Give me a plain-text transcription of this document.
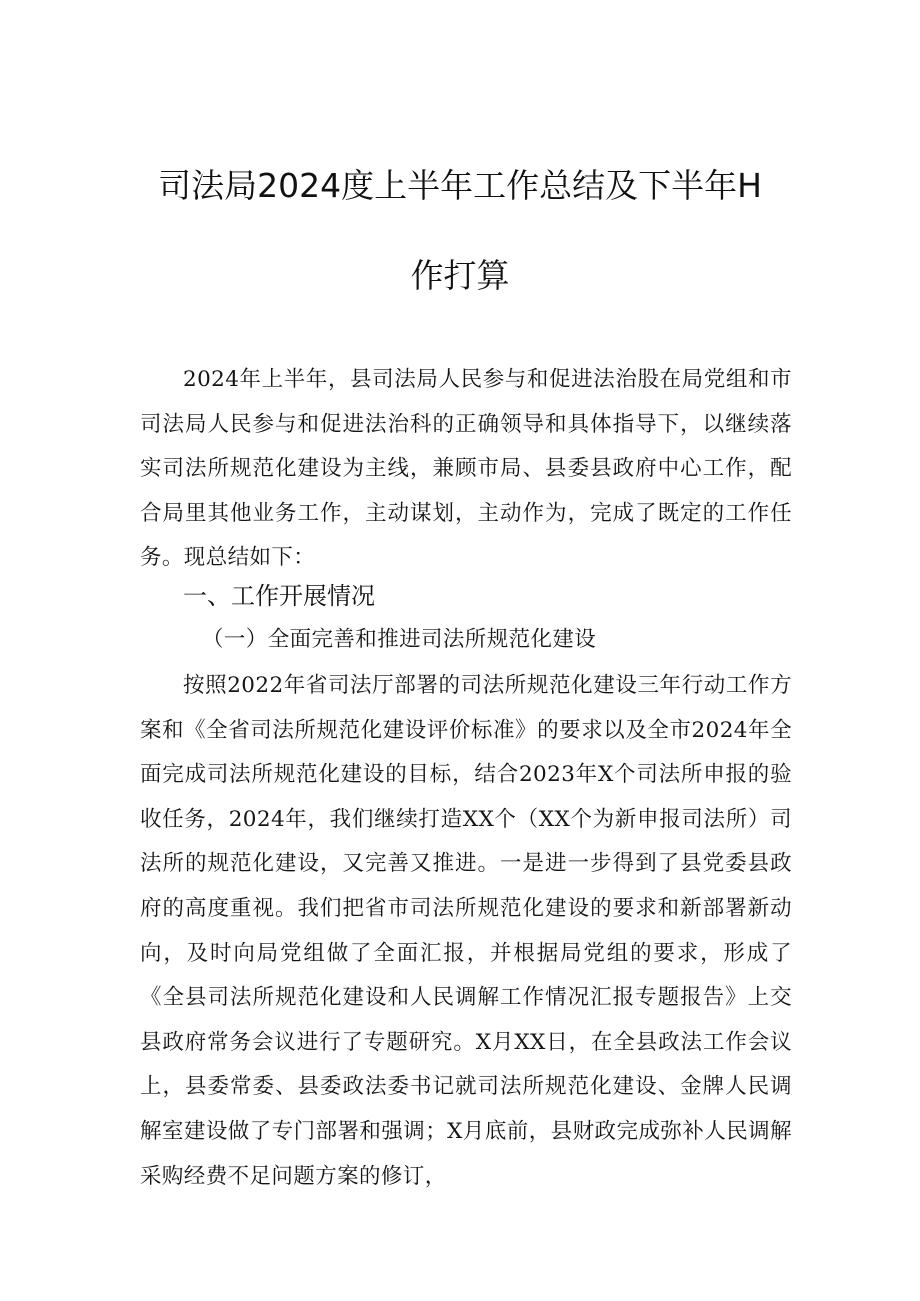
司法局2024度上半年工作总结及下半年H
作打算

2024年上半年，县司法局人民参与和促进法治股在局党组和市司法局人民参与和促进法治科的正确领导和具体指导下，以继续落实司法所规范化建设为主线，兼顾市局、县委县政府中心工作，配合局里其他业务工作，主动谋划，主动作为，完成了既定的工作任务。现总结如下：

一、工作开展情况
（一）全面完善和推进司法所规范化建设

按照2022年省司法厅部署的司法所规范化建设三年行动工作方案和《全省司法所规范化建设评价标准》的要求以及全市2024年全面完成司法所规范化建设的目标，结合2023年X个司法所申报的验收任务，2024年，我们继续打造XX个（XX个为新申报司法所）司法所的规范化建设，又完善又推进。一是进一步得到了县党委县政府的高度重视。我们把省市司法所规范化建设的要求和新部署新动向，及时向局党组做了全面汇报，并根据局党组的要求，形成了《全县司法所规范化建设和人民调解工作情况汇报专题报告》上交县政府常务会议进行了专题研究。X月XX日，在全县政法工作会议上，县委常委、县委政法委书记就司法所规范化建设、金牌人民调解室建设做了专门部署和强调；X月底前，县财政完成弥补人民调解采购经费不足问题方案的修订，
